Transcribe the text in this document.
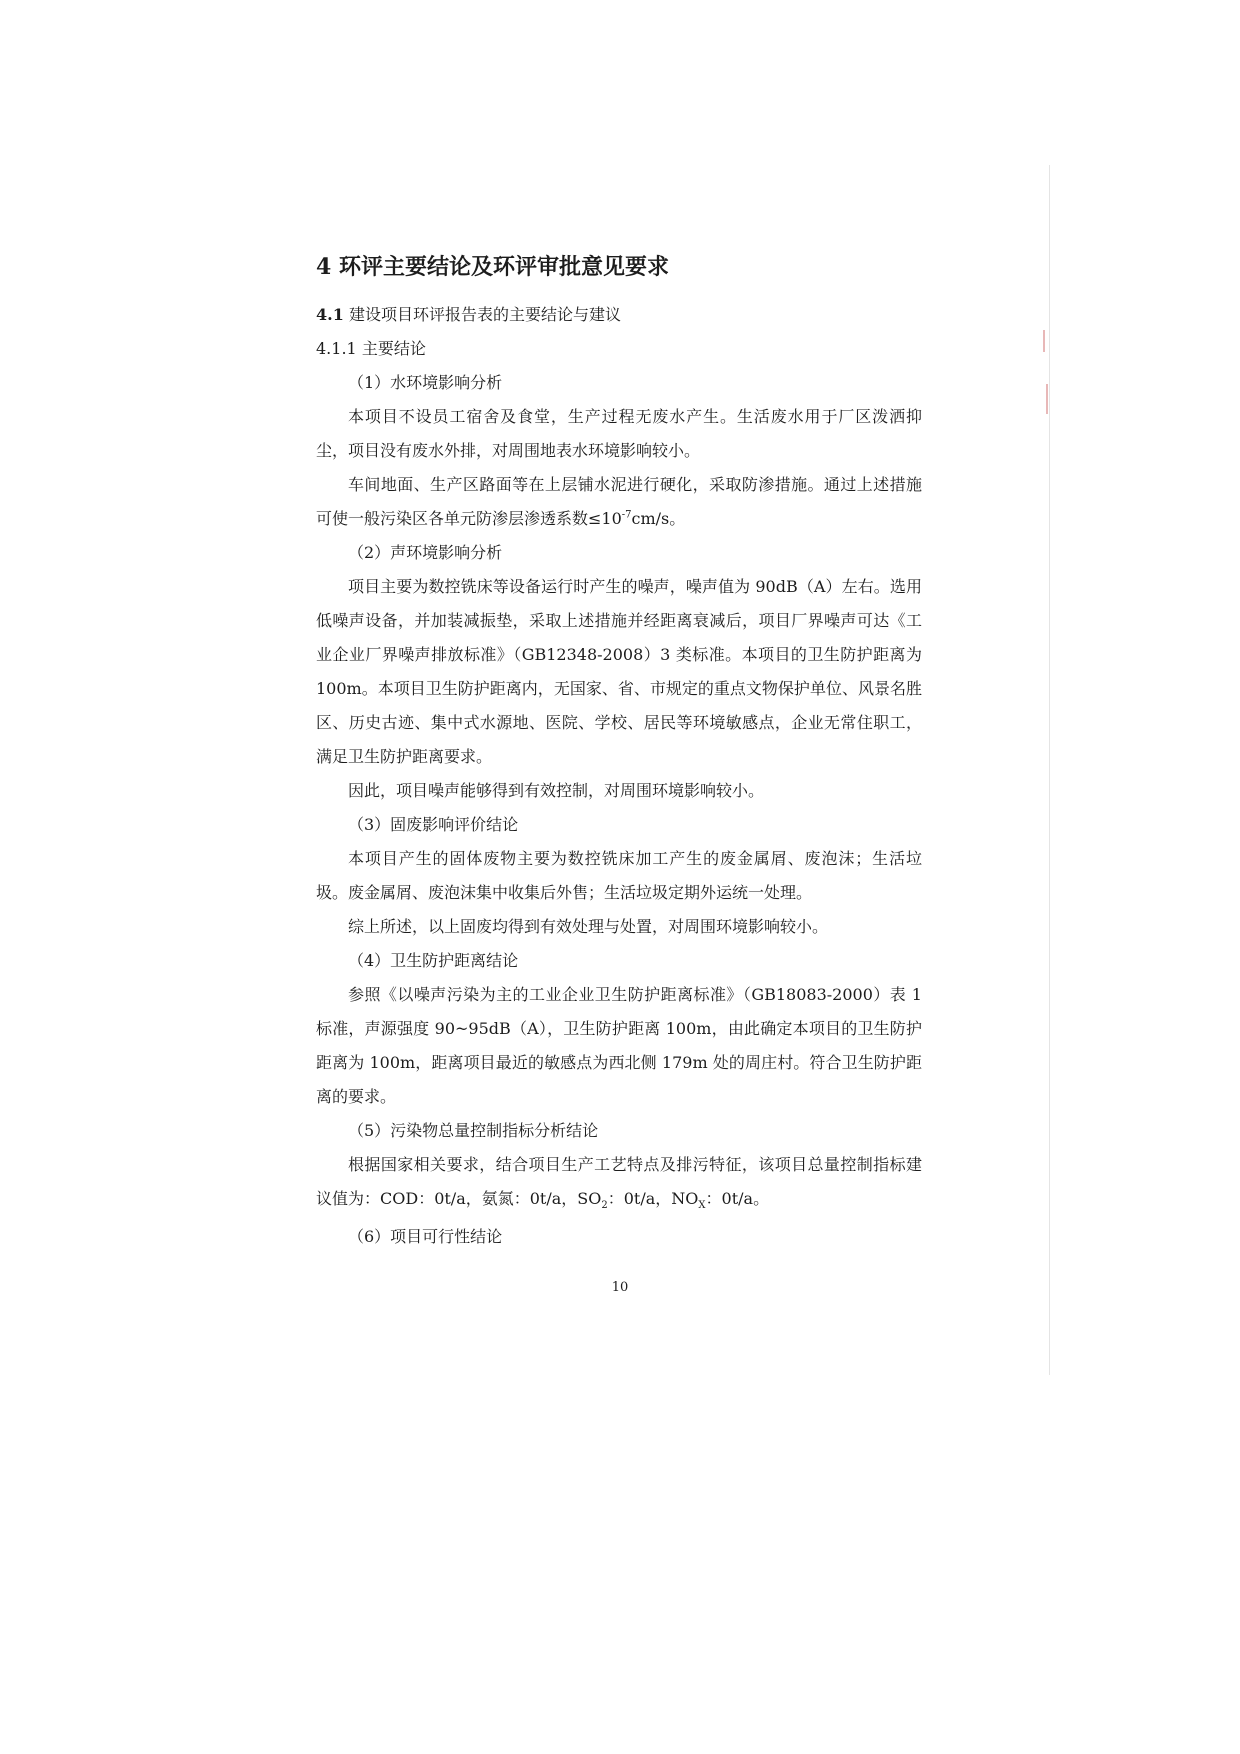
4 环评主要结论及环评审批意见要求
4.1 建设项目环评报告表的主要结论与建议
4.1.1 主要结论
（1）水环境影响分析

本项目不设员工宿舍及食堂，生产过程无废水产生。生活废水用于厂区泼洒抑尘，项目没有废水外排，对周围地表水环境影响较小。

车间地面、生产区路面等在上层铺水泥进行硬化，采取防渗措施。通过上述措施可使一般污染区各单元防渗层渗透系数$\le 10^{-7}cm/s$。

（2）声环境影响分析

项目主要为数控铣床等设备运行时产生的噪声，噪声值为 90dB（A）左右。选用低噪声设备，并加装减振垫，采取上述措施并经距离衰减后，项目厂界噪声可达《工业企业厂界噪声排放标准》（GB12348-2008）3 类标准。本项目的卫生防护距离为 100m。本项目卫生防护距离内，无国家、省、市规定的重点文物保护单位、风景名胜区、历史古迹、集中式水源地、医院、学校、居民等环境敏感点，企业无常住职工，满足卫生防护距离要求。

因此，项目噪声能够得到有效控制，对周围环境影响较小。

（3）固废影响评价结论

本项目产生的固体废物主要为数控铣床加工产生的废金属屑、废泡沫；生活垃圾。废金属屑、废泡沫集中收集后外售；生活垃圾定期外运统一处理。

综上所述，以上固废均得到有效处理与处置，对周围环境影响较小。

（4）卫生防护距离结论

参照《以噪声污染为主的工业企业卫生防护距离标准》（GB18083-2000）表 1 标准，声源强度 90~95dB（A），卫生防护距离 100m，由此确定本项目的卫生防护距离为 100m，距离项目最近的敏感点为西北侧 179m 处的周庄村。符合卫生防护距离的要求。

（5）污染物总量控制指标分析结论

根据国家相关要求，结合项目生产工艺特点及排污特征，该项目总量控制指标建议值为：COD：0t/a，氨氮：0t/a，$SO_2$：0t/a，$NO_X$：0t/a。

（6）项目可行性结论
10
